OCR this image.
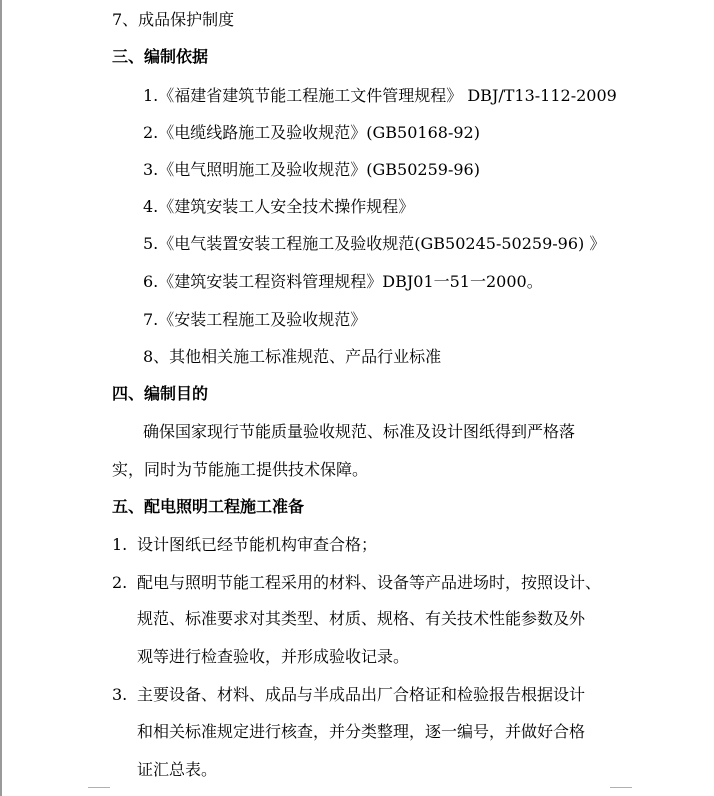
7、成品保护制度
三、编制依据
1.《福建省建筑节能工程施工文件管理规程》 DBJ/T13-112-2009
2.《电缆线路施工及验收规范》(GB50168-92)
3.《电气照明施工及验收规范》(GB50259-96)
4.《建筑安装工人安全技术操作规程》
5.《电气装置安装工程施工及验收规范(GB50245-50259-96) 》
6.《建筑安装工程资料管理规程》DBJ01一51一2000。
7.《安装工程施工及验收规范》
8、其他相关施工标准规范、产品行业标准
四、编制目的
确保国家现行节能质量验收规范、标准及设计图纸得到严格落
实，同时为节能施工提供技术保障。
五、配电照明工程施工准备
1. 设计图纸已经节能机构审查合格；
2. 配电与照明节能工程采用的材料、设备等产品进场时，按照设计、
规范、标准要求对其类型、材质、规格、有关技术性能参数及外
观等进行检查验收，并形成验收记录。
3. 主要设备、材料、成品与半成品出厂合格证和检验报告根据设计
和相关标准规定进行核查，并分类整理，逐一编号，并做好合格
证汇总表。
